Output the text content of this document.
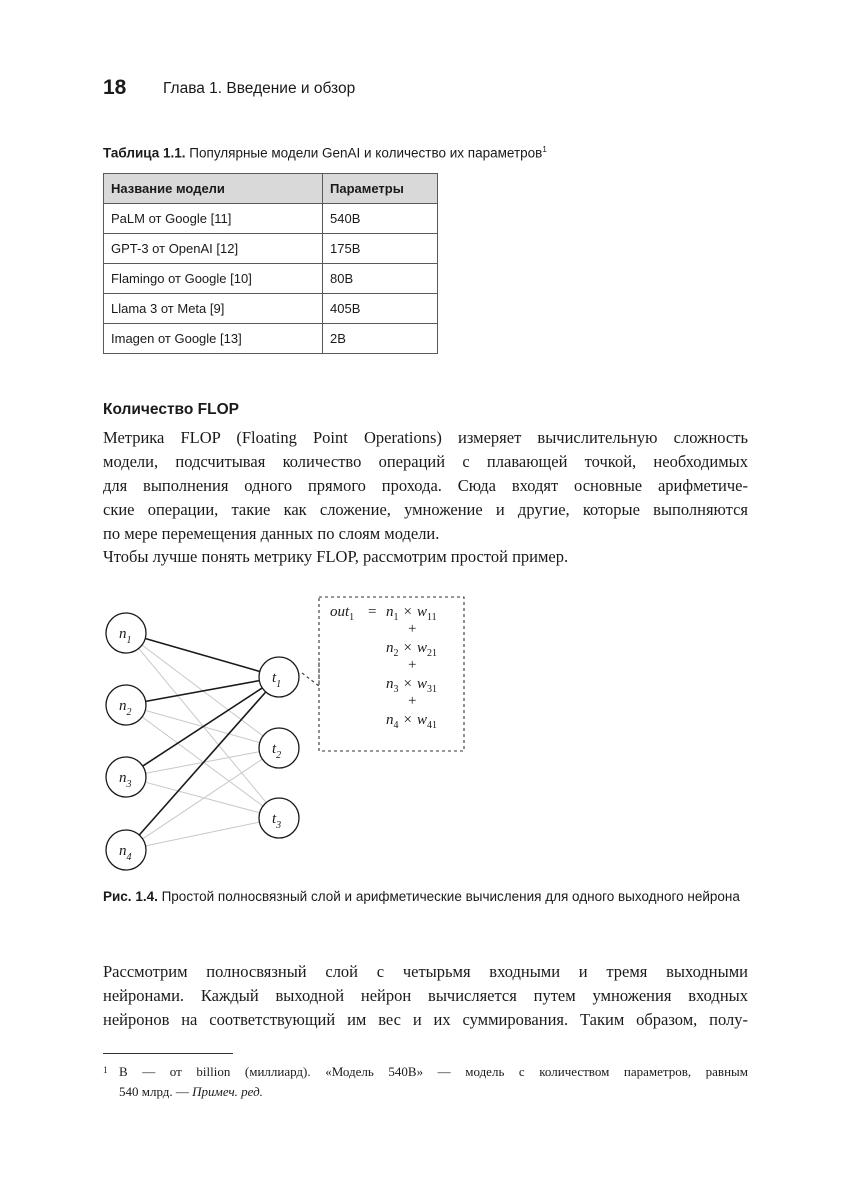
18 Глава 1. Введение и обзор
Таблица 1.1. Популярные модели GenAI и количество их параметров$^1$
Название модели	Параметры
PaLM от Google [11]	540B
GPT-3 от OpenAI [12]	175B
Flamingo от Google [10]	80B
Llama 3 от Meta [9]	405B
Imagen от Google [13]	2B
Количество FLOP

Метрика FLOP (Floating Point Operations) измеряет вычислительную сложность
модели, подсчитывая количество операций с плавающей точкой, необходимых
для выполнения одного прямого прохода. Сюда входят основные арифметиче-
ские операции, такие как сложение, умножение и другие, которые выполняются
по мере перемещения данных по слоям модели.

Чтобы лучше понять метрику FLOP, рассмотрим простой пример.

$n_1$
$n_2$
$n_3$
$n_4$
$t_1$
$t_2$
$t_3$
$out_1 = n_1 \times w_{11}$
+
$n_2 \times w_{21}$
+
$n_3 \times w_{31}$
+
$n_4 \times w_{41}$
Рис. 1.4. Простой полносвязный слой и арифметические вычисления для одного выходного нейрона

Рассмотрим полносвязный слой с четырьмя входными и тремя выходными
нейронами. Каждый выходной нейрон вычисляется путем умножения входных
нейронов на соответствующий им вес и их суммирования. Таким образом, полу-

1 B — от billion (миллиард). «Модель 540B» — модель с количеством параметров, равным
540 млрд. — Примеч. ред.
